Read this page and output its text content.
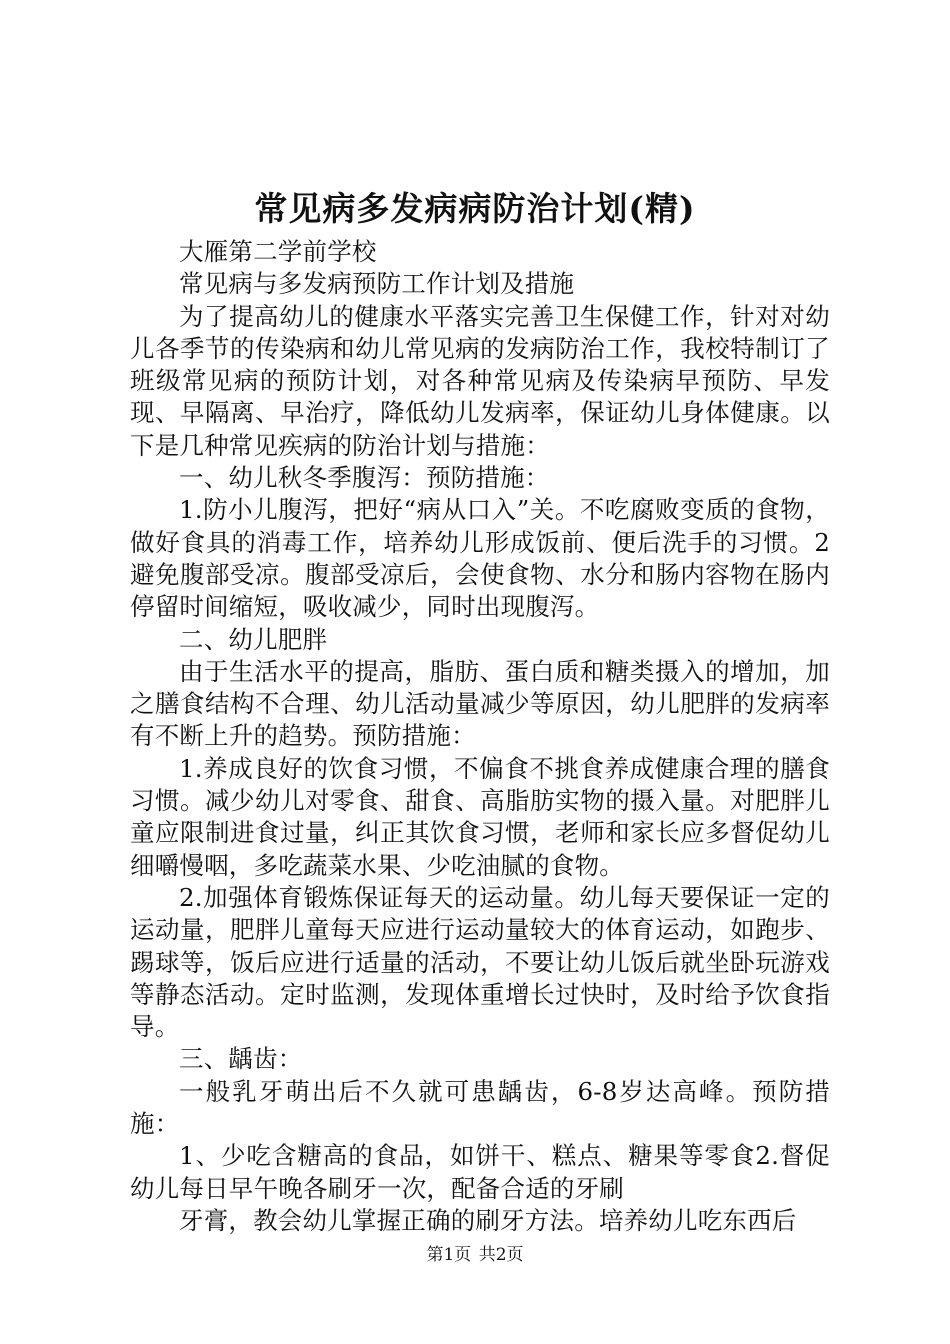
常见病多发病病防治计划(精)

大雁第二学前学校

常见病与多发病预防工作计划及措施

为了提高幼儿的健康水平落实完善卫生保健工作，针对对幼儿各季节的传染病和幼儿常见病的发病防治工作，我校特制订了班级常见病的预防计划，对各种常见病及传染病早预防、早发现、早隔离、早治疗，降低幼儿发病率，保证幼儿身体健康。以下是几种常见疾病的防治计划与措施：

一、幼儿秋冬季腹泻：预防措施：

1.防小儿腹泻，把好“病从口入”关。不吃腐败变质的食物，做好食具的消毒工作，培养幼儿形成饭前、便后洗手的习惯。2避免腹部受凉。腹部受凉后，会使食物、水分和肠内容物在肠内停留时间缩短，吸收减少，同时出现腹泻。

二、幼儿肥胖

由于生活水平的提高，脂肪、蛋白质和糖类摄入的增加，加之膳食结构不合理、幼儿活动量减少等原因，幼儿肥胖的发病率有不断上升的趋势。预防措施：

1.养成良好的饮食习惯，不偏食不挑食养成健康合理的膳食习惯。减少幼儿对零食、甜食、高脂肪实物的摄入量。对肥胖儿童应限制进食过量，纠正其饮食习惯，老师和家长应多督促幼儿细嚼慢咽，多吃蔬菜水果、少吃油腻的食物。

2.加强体育锻炼保证每天的运动量。幼儿每天要保证一定的运动量，肥胖儿童每天应进行运动量较大的体育运动，如跑步、踢球等，饭后应进行适量的活动，不要让幼儿饭后就坐卧玩游戏等静态活动。定时监测，发现体重增长过快时，及时给予饮食指导。

三、龋齿：

一般乳牙萌出后不久就可患龋齿，6-8岁达高峰。预防措施：

1、少吃含糖高的食品，如饼干、糕点、糖果等零食2.督促幼儿每日早午晚各刷牙一次，配备合适的牙刷

牙膏，教会幼儿掌握正确的刷牙方法。培养幼儿吃东西后

第1页 共2页
